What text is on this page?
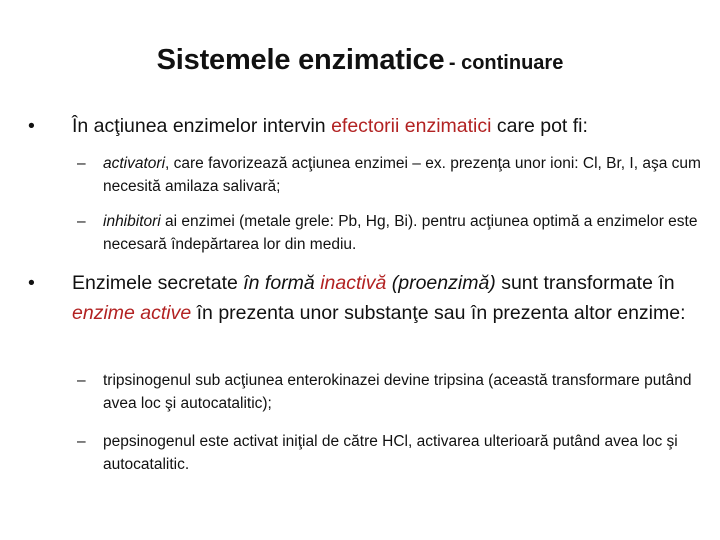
Sistemele enzimatice - continuare
• În acţiunea enzimelor intervin efectorii enzimatici care pot fi:
– activatori, care favorizează acţiunea enzimei – ex. prezenţa unor ioni: Cl, Br, I, aşa cum necesită amilaza salivară;
– inhibitori ai enzimei (metale grele: Pb, Hg, Bi). pentru acţiunea optimă a enzimelor este necesară îndepărtarea lor din mediu.
• Enzimele secretate în formă inactivă (proenzimă) sunt transformate în enzime active în prezenta unor substanţe sau în prezenta altor enzime:
– tripsinogenul sub acţiunea enterokinazei devine tripsina (această transformare putând avea loc şi autocatalitic);
– pepsinogenul este activat iniţial de către HCl, activarea ulterioară putând avea loc şi autocatalitic.
